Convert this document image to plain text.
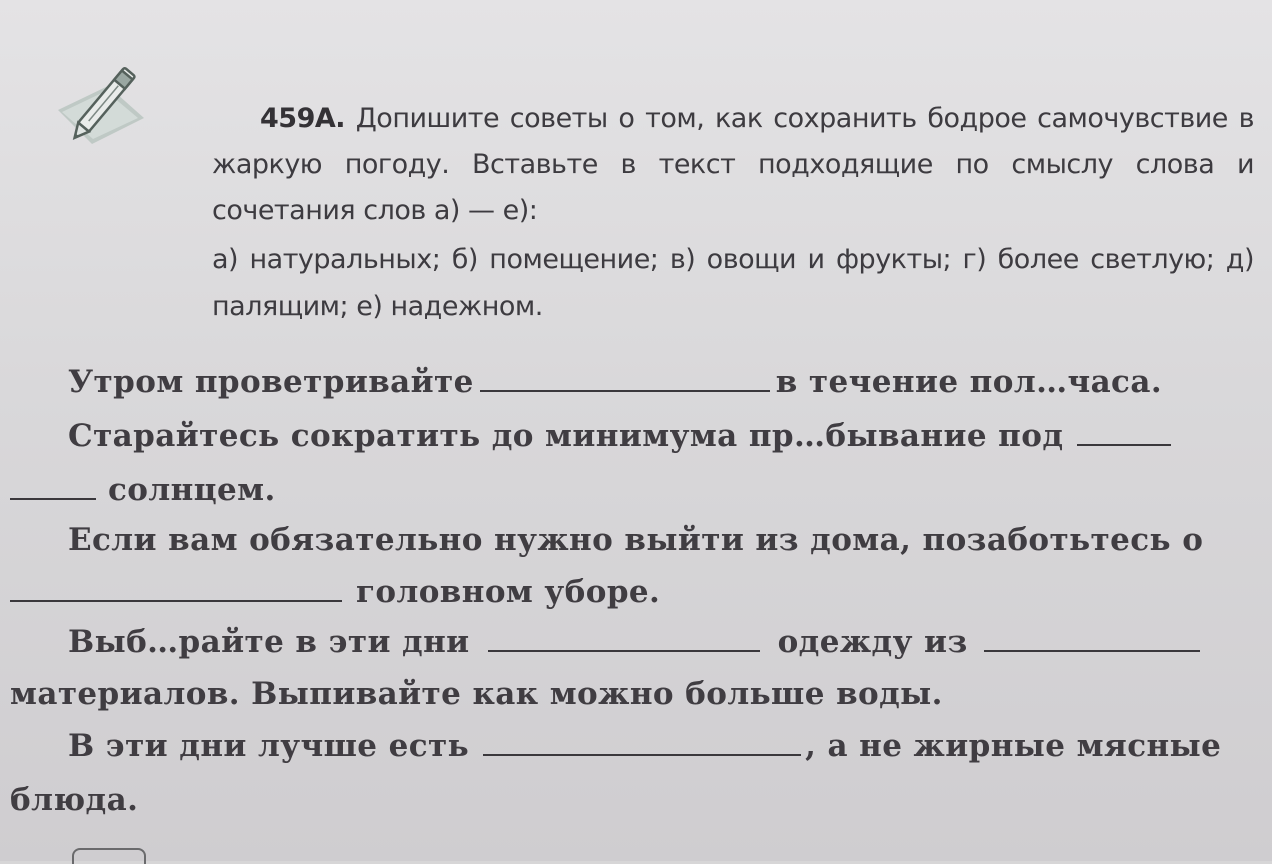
459А. Допишите советы о том, как сохранить бодрое самочувствие в жаркую погоду. Вставьте в текст подходящие по смыслу слова и сочетания слов а) — е):

а) натуральных; б) помещение; в) овощи и фрукты; г) более светлую; д) палящим; е) надежном.

Утром проветривайте	в течение пол…часа.
Старайтесь сократить до минимума пр…бывание под
солнцем.
Если вам обязательно нужно выйти из дома, позаботьтесь о
головном уборе.
Выб…райте в эти дни	одежду из
материалов. Выпивайте как можно больше воды.
В эти дни лучше есть	, а не жирные мясные
блюда.
